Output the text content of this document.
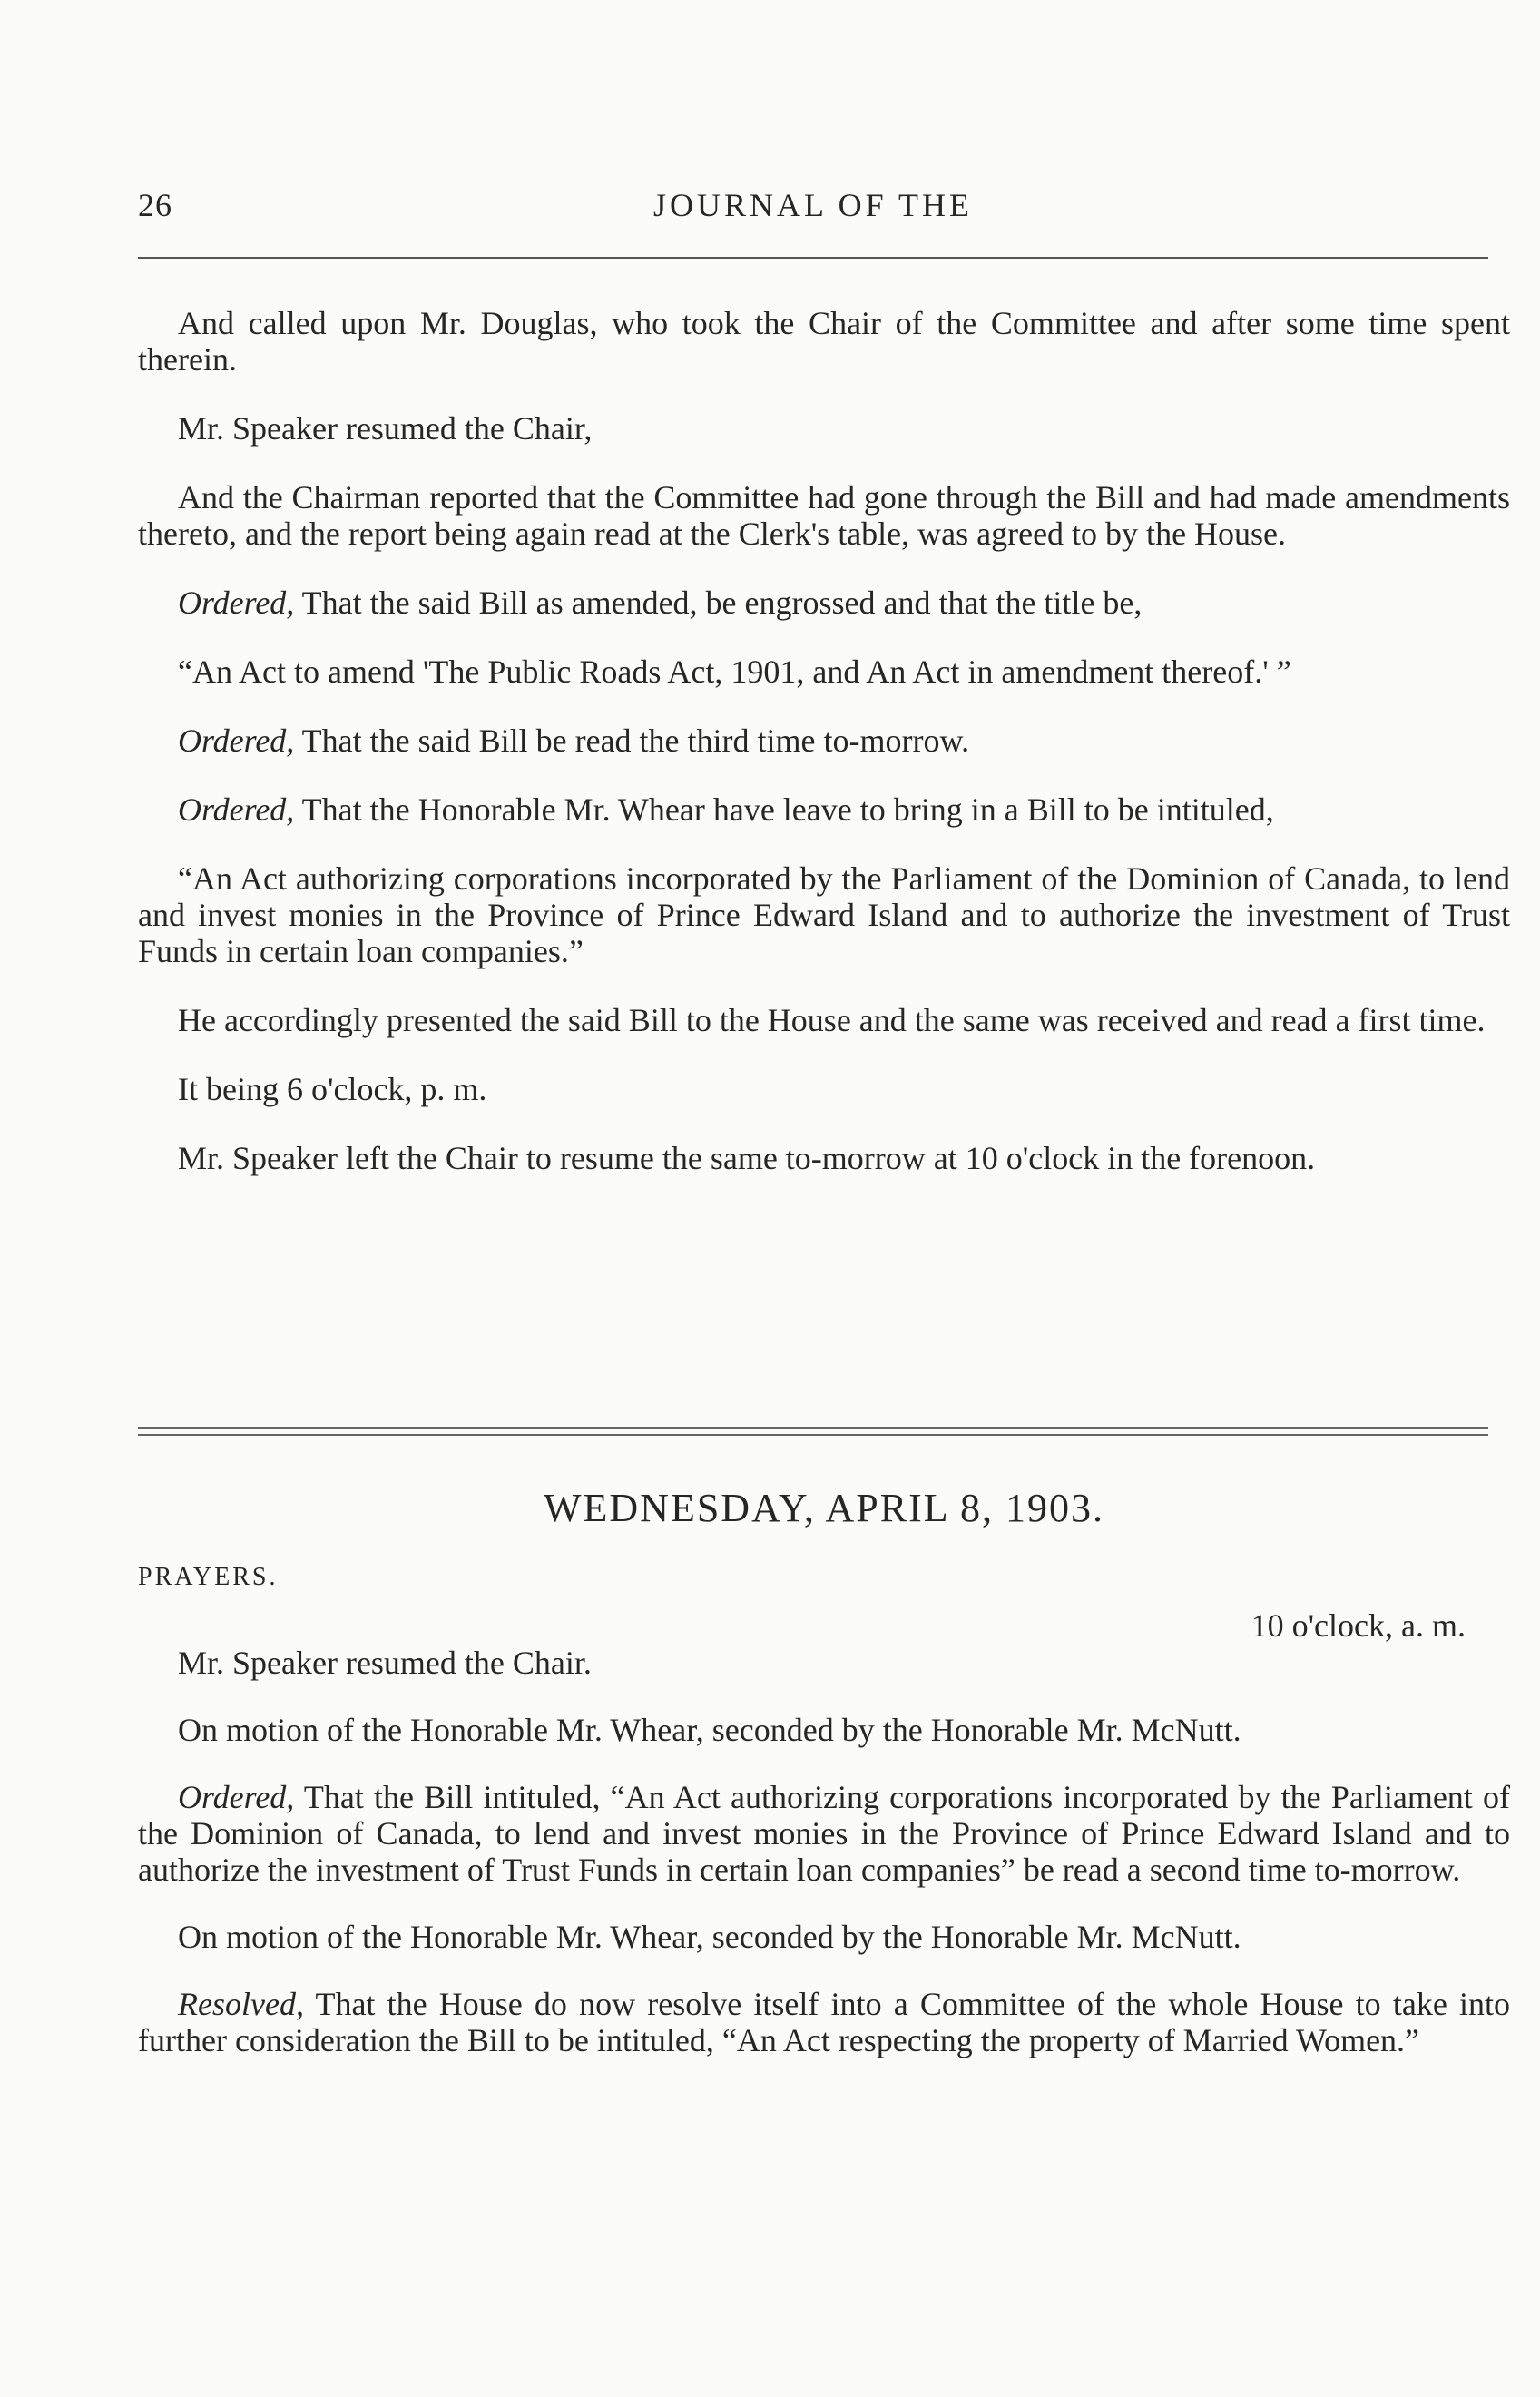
26	JOURNAL OF THE

And called upon Mr. Douglas, who took the Chair of the Committee and after some time spent therein.

Mr. Speaker resumed the Chair,

And the Chairman reported that the Committee had gone through the Bill and had made amendments thereto, and the report being again read at the Clerk's table, was agreed to by the House.

Ordered, That the said Bill as amended, be engrossed and that the title be,

“An Act to amend 'The Public Roads Act, 1901, and An Act in amendment thereof.' ”

Ordered, That the said Bill be read the third time to-morrow.

Ordered, That the Honorable Mr. Whear have leave to bring in a Bill to be intituled,

“An Act authorizing corporations incorporated by the Parliament of the Dominion of Canada, to lend and invest monies in the Province of Prince Edward Island and to authorize the investment of Trust Funds in certain loan companies.”

He accordingly presented the said Bill to the House and the same was received and read a first time.

It being 6 o'clock, p. m.

Mr. Speaker left the Chair to resume the same to-morrow at 10 o'clock in the forenoon.

WEDNESDAY, APRIL 8, 1903.
PRAYERS.
10 o'clock, a. m.

Mr. Speaker resumed the Chair.

On motion of the Honorable Mr. Whear, seconded by the Honorable Mr. McNutt.

Ordered, That the Bill intituled, “An Act authorizing corporations incorporated by the Parliament of the Dominion of Canada, to lend and invest monies in the Province of Prince Edward Island and to authorize the investment of Trust Funds in certain loan companies” be read a second time to-morrow.

On motion of the Honorable Mr. Whear, seconded by the Honorable Mr. McNutt.

Resolved, That the House do now resolve itself into a Committee of the whole House to take into further consideration the Bill to be intituled, “An Act respecting the property of Married Women.”
